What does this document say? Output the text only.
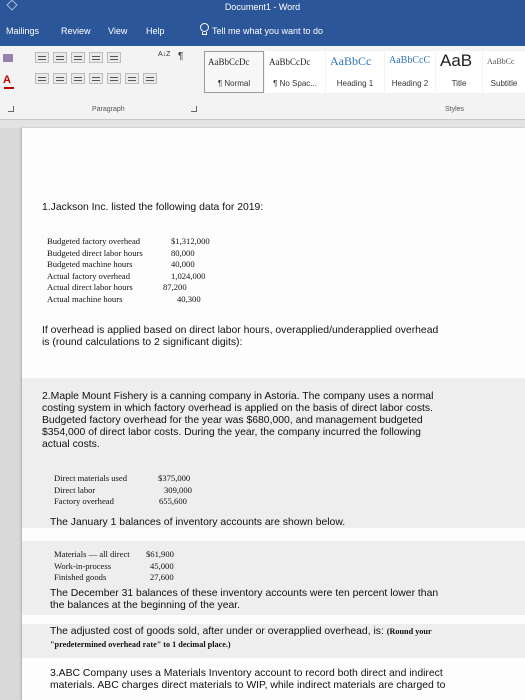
Document1 - Word
Mailings Review View Help	Tell me what you want to do
A
A↓Z ¶
Paragraph
AaBbCcDc
¶ Normal
AaBbCcDc
¶ No Spac...
AaBbCc
Heading 1
AaBbCcC
Heading 2
AaB
Title
AaBbCc
Subtitle
Styles
1.Jackson Inc. listed the following data for 2019:
Budgeted factory overhead	$1,312,000
Budgeted direct labor hours	80,000
Budgeted machine hours	40,000
Actual factory overhead	1,024,000
Actual direct labor hours	87,200
Actual machine hours	40,300
If overhead is applied based on direct labor hours, overapplied/underapplied overhead
is (round calculations to 2 significant digits):
2.Maple Mount Fishery is a canning company in Astoria. The company uses a normal
costing system in which factory overhead is applied on the basis of direct labor costs.
Budgeted factory overhead for the year was $680,000, and management budgeted
$354,000 of direct labor costs. During the year, the company incurred the following
actual costs.
Direct materials used	$375,000
Direct labor	309,000
Factory overhead	655,600
The January 1 balances of inventory accounts are shown below.
Materials — all direct $61,900
Work-in-process	45,000
Finished goods	27,600
The December 31 balances of these inventory accounts were ten percent lower than
the balances at the beginning of the year.
The adjusted cost of goods sold, after under or overapplied overhead, is: (Round your
"predetermined overhead rate" to 1 decimal place.)
3.ABC Company uses a Materials Inventory account to record both direct and indirect
materials. ABC charges direct materials to WIP, while indirect materials are charged to
